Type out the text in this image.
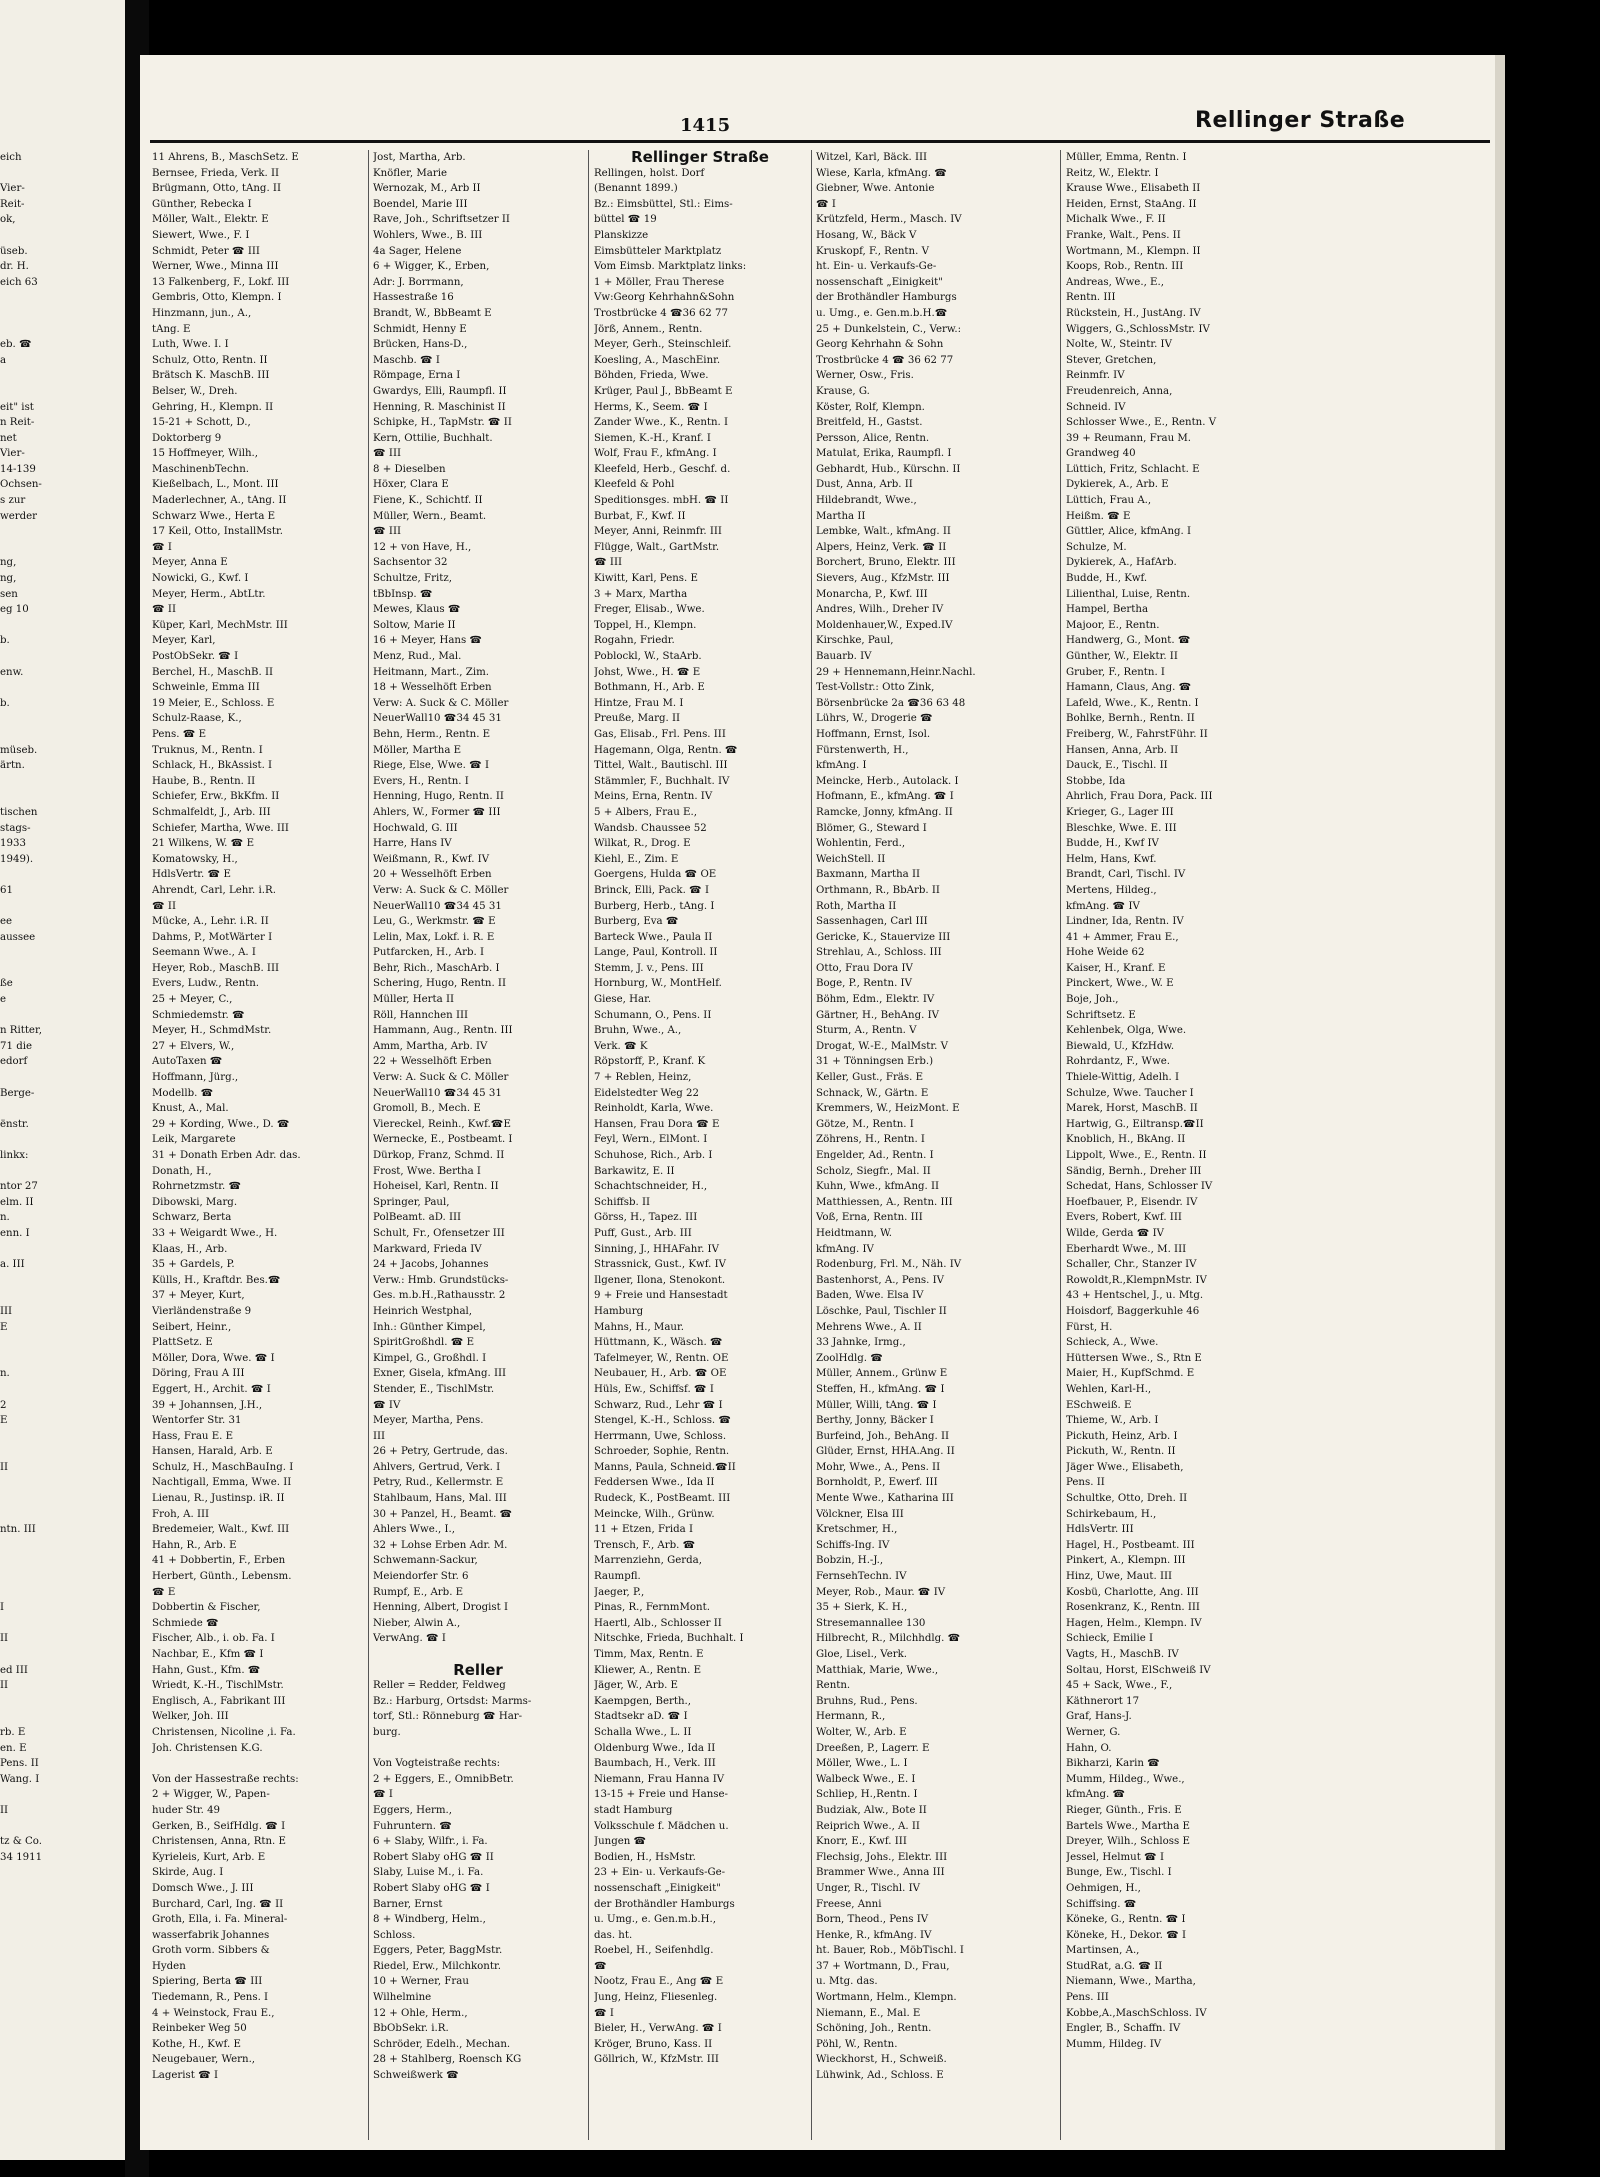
eich
Vier-
Reit-
ok,
üseb.
dr. H.
eich 63
eb. ☎
a
eit" ist
n Reit-
net
Vier-
14-139
Ochsen-
s zur
werder
ng,
ng,
sen
eg 10
b.
enw.
b.
müseb.
ärtn.
tischen
stags-
1933
1949).
61
ee
aussee
ße
e
n Ritter,
71 die
edorf
Berge-
ënstr.
linkx:
ntor 27
elm. II
n.
enn. I
a. III
III
E
n.
2
E
II
ntn. III
I
II
ed III
II
rb. E
en. E
Pens. II
Wang. I
II
tz & Co.
34 1911
1415	Rellinger Straße
11 Ahrens, B., MaschSetz. E
Bernsee, Frieda, Verk. II
Brügmann, Otto, tAng. II
Günther, Rebecka I
Möller, Walt., Elektr. E
Siewert, Wwe., F. I
Schmidt, Peter ☎ III
Werner, Wwe., Minna III
13 Falkenberg, F., Lokf. III
Gembris, Otto, Klempn. I
Hinzmann, jun., A.,
tAng. E
Luth, Wwe. I. I
Schulz, Otto, Rentn. II
Brätsch K. MaschB. III
Belser, W., Dreh.
Gehring, H., Klempn. II
15-21 + Schott, D.,
Doktorberg 9
15 Hoffmeyer, Wilh.,
MaschinenbTechn.
Kießelbach, L., Mont. III
Maderlechner, A., tAng. II
Schwarz Wwe., Herta E
17 Keil, Otto, InstallMstr.
☎ I
Meyer, Anna E
Nowicki, G., Kwf. I
Meyer, Herm., AbtLtr.
☎ II
Küper, Karl, MechMstr. III
Meyer, Karl,
PostObSekr. ☎ I
Berchel, H., MaschB. II
Schweinle, Emma III
19 Meier, E., Schloss. E
Schulz-Raase, K.,
Pens. ☎ E
Truknus, M., Rentn. I
Schlack, H., BkAssist. I
Haube, B., Rentn. II
Schiefer, Erw., BkKfm. II
Schmalfeldt, J., Arb. III
Schiefer, Martha, Wwe. III
21 Wilkens, W. ☎ E
Komatowsky, H.,
HdlsVertr. ☎ E
Ahrendt, Carl, Lehr. i.R.
☎ II
Mücke, A., Lehr. i.R. II
Dahms, P., MotWärter I
Seemann Wwe., A. I
Heyer, Rob., MaschB. III
Evers, Ludw., Rentn.
25 + Meyer, C.,
Schmiedemstr. ☎
Meyer, H., SchmdMstr.
27 + Elvers, W.,
AutoTaxen ☎
Hoffmann, Jürg.,
Modellb. ☎
Knust, A., Mal.
29 + Kording, Wwe., D. ☎
Leik, Margarete
31 + Donath Erben Adr. das.
Donath, H.,
Rohrnetzmstr. ☎
Dibowski, Marg.
Schwarz, Berta
33 + Weigardt Wwe., H.
Klaas, H., Arb.
35 + Gardels, P.
Külls, H., Kraftdr. Bes.☎
37 + Meyer, Kurt,
Vierländenstraße 9
Seibert, Heinr.,
PlattSetz. E
Möller, Dora, Wwe. ☎ I
Döring, Frau A III
Eggert, H., Archit. ☎ I
39 + Johannsen, J.H.,
Wentorfer Str. 31
Hass, Frau E. E
Hansen, Harald, Arb. E
Schulz, H., MaschBauIng. I
Nachtigall, Emma, Wwe. II
Lienau, R., Justinsp. iR. II
Froh, A. III
Bredemeier, Walt., Kwf. III
Hahn, R., Arb. E
41 + Dobbertin, F., Erben
Herbert, Günth., Lebensm.
☎ E
Dobbertin & Fischer,
Schmiede ☎
Fischer, Alb., i. ob. Fa. I
Nachbar, E., Kfm ☎ I
Hahn, Gust., Kfm. ☎
Wriedt, K.-H., TischlMstr.
Englisch, A., Fabrikant III
Welker, Joh. III
Christensen, Nicoline ,i. Fa.
Joh. Christensen K.G.
Von der Hassestraße rechts:
2 + Wigger, W., Papen-
huder Str. 49
Gerken, B., SeifHdlg. ☎ I
Christensen, Anna, Rtn. E
Kyrieleis, Kurt, Arb. E
Skirde, Aug. I
Domsch Wwe., J. III
Burchard, Carl, Ing. ☎ II
Groth, Ella, i. Fa. Mineral-
wasserfabrik Johannes
Groth vorm. Sibbers &
Hyden
Spiering, Berta ☎ III
Tiedemann, R., Pens. I
4 + Weinstock, Frau E.,
Reinbeker Weg 50
Kothe, H., Kwf. E
Neugebauer, Wern.,
Lagerist ☎ I
Jost, Martha, Arb.
Knöfler, Marie
Wernozak, M., Arb II
Boendel, Marie III
Rave, Joh., Schriftsetzer II
Wohlers, Wwe., B. III
4a Sager, Helene
6 + Wigger, K., Erben,
Adr: J. Borrmann,
Hassestraße 16
Brandt, W., BbBeamt E
Schmidt, Henny E
Brücken, Hans-D.,
Maschb. ☎ I
Römpage, Erna I
Gwardys, Elli, Raumpfl. II
Henning, R. Maschinist II
Schipke, H., TapMstr. ☎ II
Kern, Ottilie, Buchhalt.
☎ III
8 + Dieselben
Höxer, Clara E
Fiene, K., Schichtf. II
Müller, Wern., Beamt.
☎ III
12 + von Have, H.,
Sachsentor 32
Schultze, Fritz,
tBbInsp. ☎
Mewes, Klaus ☎
Soltow, Marie II
16 + Meyer, Hans ☎
Menz, Rud., Mal.
Heitmann, Mart., Zim.
18 + Wesselhöft Erben
Verw: A. Suck & C. Möller
NeuerWall10 ☎34 45 31
Behn, Herm., Rentn. E
Möller, Martha E
Riege, Else, Wwe. ☎ I
Evers, H., Rentn. I
Henning, Hugo, Rentn. II
Ahlers, W., Former ☎ III
Hochwald, G. III
Harre, Hans IV
Weißmann, R., Kwf. IV
20 + Wesselhöft Erben
Verw: A. Suck & C. Möller
NeuerWall10 ☎34 45 31
Leu, G., Werkmstr. ☎ E
Lelin, Max, Lokf. i. R. E
Putfarcken, H., Arb. I
Behr, Rich., MaschArb. I
Schering, Hugo, Rentn. II
Müller, Herta II
Röll, Hannchen III
Hammann, Aug., Rentn. III
Amm, Martha, Arb. IV
22 + Wesselhöft Erben
Verw: A. Suck & C. Möller
NeuerWall10 ☎34 45 31
Gromoll, B., Mech. E
Viereckel, Reinh., Kwf.☎E
Wernecke, E., Postbeamt. I
Dürkop, Franz, Schmd. II
Frost, Wwe. Bertha I
Hoheisel, Karl, Rentn. II
Springer, Paul,
PolBeamt. aD. III
Schult, Fr., Ofensetzer III
Markward, Frieda IV
24 + Jacobs, Johannes
Verw.: Hmb. Grundstücks-
Ges. m.b.H.,Rathausstr. 2
Heinrich Westphal,
Inh.: Günther Kimpel,
SpiritGroßhdl. ☎ E
Kimpel, G., Großhdl. I
Exner, Gisela, kfmAng. III
Stender, E., TischlMstr.
☎ IV
Meyer, Martha, Pens.
III
26 + Petry, Gertrude, das.
Ahlvers, Gertrud, Verk. I
Petry, Rud., Kellermstr. E
Stahlbaum, Hans, Mal. III
30 + Panzel, H., Beamt. ☎
Ahlers Wwe., I.,
32 + Lohse Erben Adr. M.
Schwemann-Sackur,
Meiendorfer Str. 6
Rumpf, E., Arb. E
Henning, Albert, Drogist I
Nieber, Alwin A.,
VerwAng. ☎ I
Reller
Reller = Redder, Feldweg
Bz.: Harburg, Ortsdst: Marms-
torf, Stl.: Rönneburg ☎ Har-
burg.
Von Vogteistraße rechts:
2 + Eggers, E., OmnibBetr.
☎ I
Eggers, Herm.,
Fuhruntern. ☎
6 + Slaby, Wilfr., i. Fa.
Robert Slaby oHG ☎ II
Slaby, Luise M., i. Fa.
Robert Slaby oHG ☎ I
Barner, Ernst
8 + Windberg, Helm.,
Schloss.
Eggers, Peter, BaggMstr.
Riedel, Erw., Milchkontr.
10 + Werner, Frau
Wilhelmine
12 + Ohle, Herm.,
BbObSekr. i.R.
Schröder, Edelh., Mechan.
28 + Stahlberg, Roensch KG
Schweißwerk ☎
Rellinger Straße
Rellingen, holst. Dorf
(Benannt 1899.)
Bz.: Eimsbüttel, Stl.: Eims-
büttel ☎ 19
Planskizze
Eimsbütteler Marktplatz
Vom Eimsb. Marktplatz links:
1 + Möller, Frau Therese
Vw:Georg Kehrhahn&Sohn
Trostbrücke 4 ☎36 62 77
Jörß, Annem., Rentn.
Meyer, Gerh., Steinschleif.
Koesling, A., MaschEinr.
Böhden, Frieda, Wwe.
Krüger, Paul J., BbBeamt E
Herms, K., Seem. ☎ I
Zander Wwe., K., Rentn. I
Siemen, K.-H., Kranf. I
Wolf, Frau F., kfmAng. I
Kleefeld, Herb., Geschf. d.
Kleefeld & Pohl
Speditionsges. mbH. ☎ II
Burbat, F., Kwf. II
Meyer, Anni, Reinmfr. III
Flügge, Walt., GartMstr.
☎ III
Kiwitt, Karl, Pens. E
3 + Marx, Martha
Freger, Elisab., Wwe.
Toppel, H., Klempn.
Rogahn, Friedr.
Poblockl, W., StaArb.
Johst, Wwe., H. ☎ E
Bothmann, H., Arb. E
Hintze, Frau M. I
Preuße, Marg. II
Gas, Elisab., Frl. Pens. III
Hagemann, Olga, Rentn. ☎
Tittel, Walt., Bautischl. III
Stämmler, F., Buchhalt. IV
Meins, Erna, Rentn. IV
5 + Albers, Frau E.,
Wandsb. Chaussee 52
Wilkat, R., Drog. E
Kiehl, E., Zim. E
Goergens, Hulda ☎ OE
Brinck, Elli, Pack. ☎ I
Burberg, Herb., tAng. I
Burberg, Eva ☎
Barteck Wwe., Paula II
Lange, Paul, Kontroll. II
Stemm, J. v., Pens. III
Hornburg, W., MontHelf.
Giese, Har.
Schumann, O., Pens. II
Bruhn, Wwe., A.,
Verk. ☎ K
Röpstorff, P., Kranf. K
7 + Reblen, Heinz,
Eidelstedter Weg 22
Reinholdt, Karla, Wwe.
Hansen, Frau Dora ☎ E
Feyl, Wern., ElMont. I
Schuhose, Rich., Arb. I
Barkawitz, E. II
Schachtschneider, H.,
Schiffsb. II
Görss, H., Tapez. III
Puff, Gust., Arb. III
Sinning, J., HHAFahr. IV
Strassnick, Gust., Kwf. IV
Ilgener, Ilona, Stenokont.
9 + Freie und Hansestadt
Hamburg
Mahns, H., Maur.
Hüttmann, K., Wäsch. ☎
Tafelmeyer, W., Rentn. OE
Neubauer, H., Arb. ☎ OE
Hüls, Ew., Schiffsf. ☎ I
Schwarz, Rud., Lehr ☎ I
Stengel, K.-H., Schloss. ☎
Herrmann, Uwe, Schloss.
Schroeder, Sophie, Rentn.
Manns, Paula, Schneid.☎II
Feddersen Wwe., Ida II
Rudeck, K., PostBeamt. III
Meincke, Wilh., Grünw.
11 + Etzen, Frida I
Trensch, F., Arb. ☎
Marrenziehn, Gerda,
Raumpfl.
Jaeger, P.,
Pinas, R., FernmMont.
Haertl, Alb., Schlosser II
Nitschke, Frieda, Buchhalt. I
Timm, Max, Rentn. E
Kliewer, A., Rentn. E
Jäger, W., Arb. E
Kaempgen, Berth.,
Stadtsekr aD. ☎ I
Schalla Wwe., L. II
Oldenburg Wwe., Ida II
Baumbach, H., Verk. III
Niemann, Frau Hanna IV
13-15 + Freie und Hanse-
stadt Hamburg
Volksschule f. Mädchen u.
Jungen ☎
Bodien, H., HsMstr.
23 + Ein- u. Verkaufs-Ge-
nossenschaft „Einigkeit"
der Brothändler Hamburgs
u. Umg., e. Gen.m.b.H.,
das. ht.
Roebel, H., Seifenhdlg.
☎
Nootz, Frau E., Ang ☎ E
Jung, Heinz, Fliesenleg.
☎ I
Bieler, H., VerwAng. ☎ I
Kröger, Bruno, Kass. II
Göllrich, W., KfzMstr. III
Witzel, Karl, Bäck. III
Wiese, Karla, kfmAng. ☎
Giebner, Wwe. Antonie
☎ I
Krützfeld, Herm., Masch. IV
Hosang, W., Bäck V
Kruskopf, F., Rentn. V
ht. Ein- u. Verkaufs-Ge-
nossenschaft „Einigkeit"
der Brothändler Hamburgs
u. Umg., e. Gen.m.b.H.☎
25 + Dunkelstein, C., Verw.:
Georg Kehrhahn & Sohn
Trostbrücke 4 ☎ 36 62 77
Werner, Osw., Fris.
Krause, G.
Köster, Rolf, Klempn.
Breitfeld, H., Gastst.
Persson, Alice, Rentn.
Matulat, Erika, Raumpfl. I
Gebhardt, Hub., Kürschn. II
Dust, Anna, Arb. II
Hildebrandt, Wwe.,
Martha II
Lembke, Walt., kfmAng. II
Alpers, Heinz, Verk. ☎ II
Borchert, Bruno, Elektr. III
Sievers, Aug., KfzMstr. III
Monarcha, P., Kwf. III
Andres, Wilh., Dreher IV
Moldenhauer,W., Exped.IV
Kirschke, Paul,
Bauarb. IV
29 + Hennemann,Heinr.Nachl.
Test-Vollstr.: Otto Zink,
Börsenbrücke 2a ☎36 63 48
Lührs, W., Drogerie ☎
Hoffmann, Ernst, Isol.
Fürstenwerth, H.,
kfmAng. I
Meincke, Herb., Autolack. I
Hofmann, E., kfmAng. ☎ I
Ramcke, Jonny, kfmAng. II
Blömer, G., Steward I
Wohlentin, Ferd.,
WeichStell. II
Baxmann, Martha II
Orthmann, R., BbArb. II
Roth, Martha II
Sassenhagen, Carl III
Gericke, K., Stauervize III
Strehlau, A., Schloss. III
Otto, Frau Dora IV
Boge, P., Rentn. IV
Böhm, Edm., Elektr. IV
Gärtner, H., BehAng. IV
Sturm, A., Rentn. V
Drogat, W.-E., MalMstr. V
31 + Tönningsen Erb.)
Keller, Gust., Fräs. E
Schnack, W., Gärtn. E
Kremmers, W., HeizMont. E
Götze, M., Rentn. I
Zöhrens, H., Rentn. I
Engelder, Ad., Rentn. I
Scholz, Siegfr., Mal. II
Kuhn, Wwe., kfmAng. II
Matthiessen, A., Rentn. III
Voß, Erna, Rentn. III
Heidtmann, W.
kfmAng. IV
Rodenburg, Frl. M., Näh. IV
Bastenhorst, A., Pens. IV
Baden, Wwe. Elsa IV
Löschke, Paul, Tischler II
Mehrens Wwe., A. II
33 Jahnke, Irmg.,
ZoolHdlg. ☎
Müller, Annem., Grünw E
Steffen, H., kfmAng. ☎ I
Müller, Willi, tAng. ☎ I
Berthy, Jonny, Bäcker I
Burfeind, Joh., BehAng. II
Glüder, Ernst, HHA.Ang. II
Mohr, Wwe., A., Pens. II
Bornholdt, P., Ewerf. III
Mente Wwe., Katharina III
Völckner, Elsa III
Kretschmer, H.,
Schiffs-Ing. IV
Bobzin, H.-J.,
FernsehTechn. IV
Meyer, Rob., Maur. ☎ IV
35 + Sierk, K. H.,
Stresemannallee 130
Hilbrecht, R., Milchhdlg. ☎
Gloe, Lisel., Verk.
Matthiak, Marie, Wwe.,
Rentn.
Bruhns, Rud., Pens.
Hermann, R.,
Wolter, W., Arb. E
Dreeßen, P., Lagerr. E
Möller, Wwe., L. I
Walbeck Wwe., E. I
Schliep, H.,Rentn. I
Budziak, Alw., Bote II
Reiprich Wwe., A. II
Knorr, E., Kwf. III
Flechsig, Johs., Elektr. III
Brammer Wwe., Anna III
Unger, R., Tischl. IV
Freese, Anni
Born, Theod., Pens IV
Henke, R., kfmAng. IV
ht. Bauer, Rob., MöbTischl. I
37 + Wortmann, D., Frau,
u. Mtg. das.
Wortmann, Helm., Klempn.
Niemann, E., Mal. E
Schöning, Joh., Rentn.
Pöhl, W., Rentn.
Wieckhorst, H., Schweiß.
Lühwink, Ad., Schloss. E
Müller, Emma, Rentn. I
Reitz, W., Elektr. I
Krause Wwe., Elisabeth II
Heiden, Ernst, StaAng. II
Michalk Wwe., F. II
Franke, Walt., Pens. II
Wortmann, M., Klempn. II
Koops, Rob., Rentn. III
Andreas, Wwe., E.,
Rentn. III
Rückstein, H., JustAng. IV
Wiggers, G.,SchlossMstr. IV
Nolte, W., Steintr. IV
Stever, Gretchen,
Reinmfr. IV
Freudenreich, Anna,
Schneid. IV
Schlosser Wwe., E., Rentn. V
39 + Reumann, Frau M.
Grandweg 40
Lüttich, Fritz, Schlacht. E
Dykierek, A., Arb. E
Lüttich, Frau A.,
Heißm. ☎ E
Güttler, Alice, kfmAng. I
Schulze, M.
Dykierek, A., HafArb.
Budde, H., Kwf.
Lilienthal, Luise, Rentn.
Hampel, Bertha
Majoor, E., Rentn.
Handwerg, G., Mont. ☎
Günther, W., Elektr. II
Gruber, F., Rentn. I
Hamann, Claus, Ang. ☎
Lafeld, Wwe., K., Rentn. I
Bohlke, Bernh., Rentn. II
Freiberg, W., FahrstFühr. II
Hansen, Anna, Arb. II
Dauck, E., Tischl. II
Stobbe, Ida
Ahrlich, Frau Dora, Pack. III
Krieger, G., Lager III
Bleschke, Wwe. E. III
Budde, H., Kwf IV
Helm, Hans, Kwf.
Brandt, Carl, Tischl. IV
Mertens, Hildeg.,
kfmAng. ☎ IV
Lindner, Ida, Rentn. IV
41 + Ammer, Frau E.,
Hohe Weide 62
Kaiser, H., Kranf. E
Pinckert, Wwe., W. E
Boje, Joh.,
Schriftsetz. E
Kehlenbek, Olga, Wwe.
Biewald, U., KfzHdw.
Rohrdantz, F., Wwe.
Thiele-Wittig, Adelh. I
Schulze, Wwe. Taucher I
Marek, Horst, MaschB. II
Hartwig, G., Eiltransp.☎II
Knoblich, H., BkAng. II
Lippolt, Wwe., E., Rentn. II
Sändig, Bernh., Dreher III
Schedat, Hans, Schlosser IV
Hoefbauer, P., Eisendr. IV
Evers, Robert, Kwf. III
Wilde, Gerda ☎ IV
Eberhardt Wwe., M. III
Schaller, Chr., Stanzer IV
Rowoldt,R.,KlempnMstr. IV
43 + Hentschel, J., u. Mtg.
Hoisdorf, Baggerkuhle 46
Fürst, H.
Schieck, A., Wwe.
Hüttersen Wwe., S., Rtn E
Maier, H., KupfSchmd. E
Wehlen, Karl-H.,
ESchweiß. E
Thieme, W., Arb. I
Pickuth, Heinz, Arb. I
Pickuth, W., Rentn. II
Jäger Wwe., Elisabeth,
Pens. II
Schultke, Otto, Dreh. II
Schirkebaum, H.,
HdlsVertr. III
Hagel, H., Postbeamt. III
Pinkert, A., Klempn. III
Hinz, Uwe, Maut. III
Kosbü, Charlotte, Ang. III
Rosenkranz, K., Rentn. III
Hagen, Helm., Klempn. IV
Schieck, Emilie I
Vagts, H., MaschB. IV
Soltau, Horst, ElSchweiß IV
45 + Sack, Wwe., F.,
Käthnerort 17
Graf, Hans-J.
Werner, G.
Hahn, O.
Bikharzi, Karin ☎
Mumm, Hildeg., Wwe.,
kfmAng. ☎
Rieger, Günth., Fris. E
Bartels Wwe., Martha E
Dreyer, Wilh., Schloss E
Jessel, Helmut ☎ I
Bunge, Ew., Tischl. I
Oehmigen, H.,
Schiffsing. ☎
Köneke, G., Rentn. ☎ I
Köneke, H., Dekor. ☎ I
Martinsen, A.,
StudRat, a.G. ☎ II
Niemann, Wwe., Martha,
Pens. III
Kobbe,A.,MaschSchloss. IV
Engler, B., Schaffn. IV
Mumm, Hildeg. IV
